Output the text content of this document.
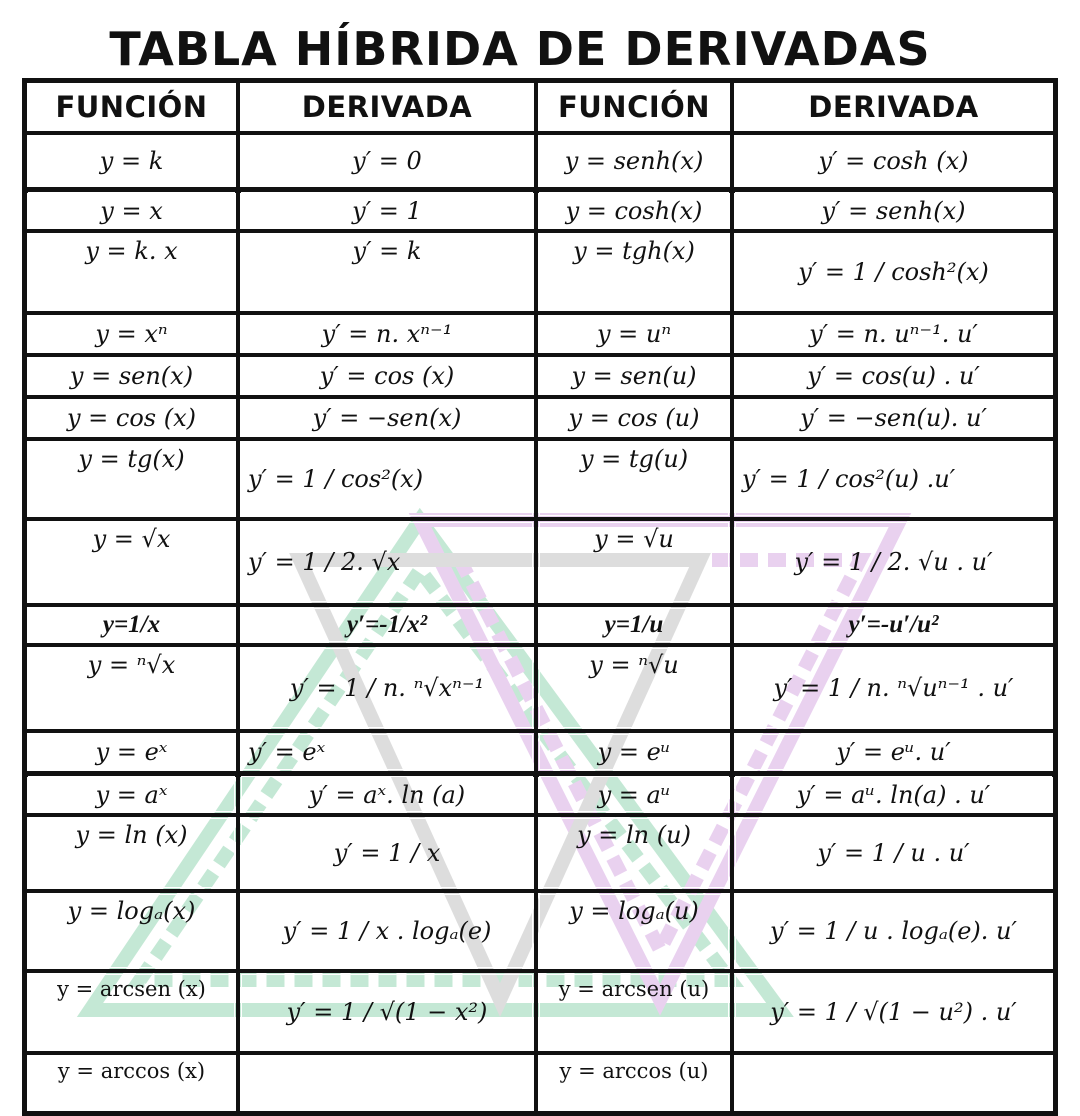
TABLA HÍBRIDA DE DERIVADAS
FUNCIÓN	DERIVADA	FUNCIÓN	DERIVADA
y = k	y′ = 0	y = senh(x)	y′ = cosh (x)
y = x	y′ = 1	y = cosh(x)	y′ = senh(x)
y = k. x	y′ = k	y = tgh(x)	y′ = 1 / cosh²(x)
y = xⁿ	y′ = n. xⁿ⁻¹	y = uⁿ	y′ = n. uⁿ⁻¹. u′
y = sen(x)	y′ = cos (x)	y = sen(u)	y′ = cos(u) . u′
y = cos (x)	y′ = −sen(x)	y = cos (u)	y′ = −sen(u). u′
y = tg(x)	y′ = 1 / cos²(x)	y = tg(u)	y′ = 1 / cos²(u) .u′
y = √x	y′ = 1 / 2. √x	y = √u	y′ = 1 / 2. √u . u′
y=1/x	y′=-1/x²	y=1/u	y′=-u′/u²
y = ⁿ√x	y′ = 1 / n. ⁿ√xⁿ⁻¹	y = ⁿ√u	y′ = 1 / n. ⁿ√uⁿ⁻¹ . u′
y = eˣ	y′ = eˣ	y = eᵘ	y′ = eᵘ. u′
y = aˣ	y′ = aˣ. ln (a)	y = aᵘ	y′ = aᵘ. ln(a) . u′
y = ln (x)	y′ = 1 / x	y = ln (u)	y′ = 1 / u . u′
y = logₐ(x)	y′ = 1 / x . logₐ(e)	y = logₐ(u)	y′ = 1 / u . logₐ(e). u′
y = arcsen (x)	y′ = 1 / √(1 − x²)	y = arcsen (u)	y′ = 1 / √(1 − u²) . u′
y = arccos (x)		y = arccos (u)	
